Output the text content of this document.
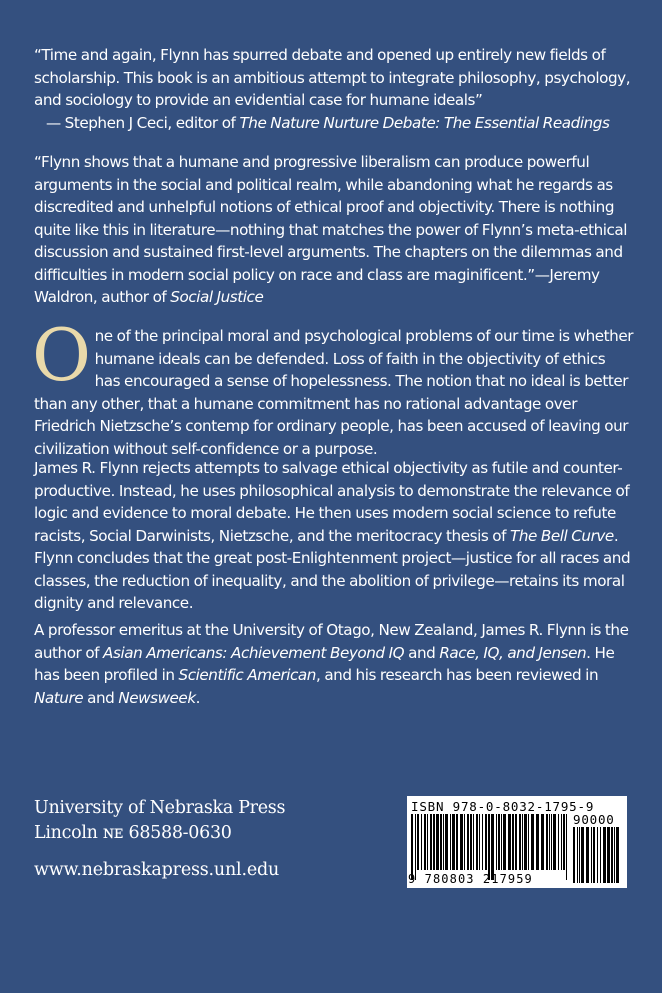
“Time and again, Flynn has spurred debate and opened up entirely new fields of scholarship. This book is an ambitious attempt to integrate philosophy, psychology, and sociology to provide an evidential case for humane ideals”
— Stephen J Ceci, editor of The Nature Nurture Debate: The Essential Readings

“Flynn shows that a humane and progressive liberalism can produce powerful arguments in the social and political realm, while abandoning what he regards as discredited and unhelpful notions of ethical proof and objectivity. There is nothing quite like this in literature—nothing that matches the power of Flynn’s meta-ethical discussion and sustained first-level arguments. The chapters on the dilemmas and difficulties in modern social policy on race and class are maginificent.”—Jeremy Waldron, author of Social Justice

O ne of the principal moral and psychological problems of our time is whether humane ideals can be defended. Loss of faith in the objectivity of ethics has encouraged a sense of hopelessness. The notion that no ideal is better than any other, that a humane commitment has no rational advantage over Friedrich Nietzsche’s contemp for ordinary people, has been accused of leaving our civilization without self-confidence or a purpose.

James R. Flynn rejects attempts to salvage ethical objectivity as futile and counter-productive. Instead, he uses philosophical analysis to demonstrate the relevance of logic and evidence to moral debate. He then uses modern social science to refute racists, Social Darwinists, Nietzsche, and the meritocracy thesis of The Bell Curve. Flynn concludes that the great post-Enlightenment project—justice for all races and classes, the reduction of inequality, and the abolition of privilege—retains its moral dignity and relevance.

A professor emeritus at the University of Otago, New Zealand, James R. Flynn is the author of Asian Americans: Achievement Beyond IQ and Race, IQ, and Jensen. He has been profiled in Scientific American, and his research has been reviewed in Nature and Newsweek.

University of Nebraska Press
Lincoln ɴᴇ 68588-0630
www.nebraskapress.unl.edu
ISBN 978-0-8032-1795-9
90000
9 780803 217959
